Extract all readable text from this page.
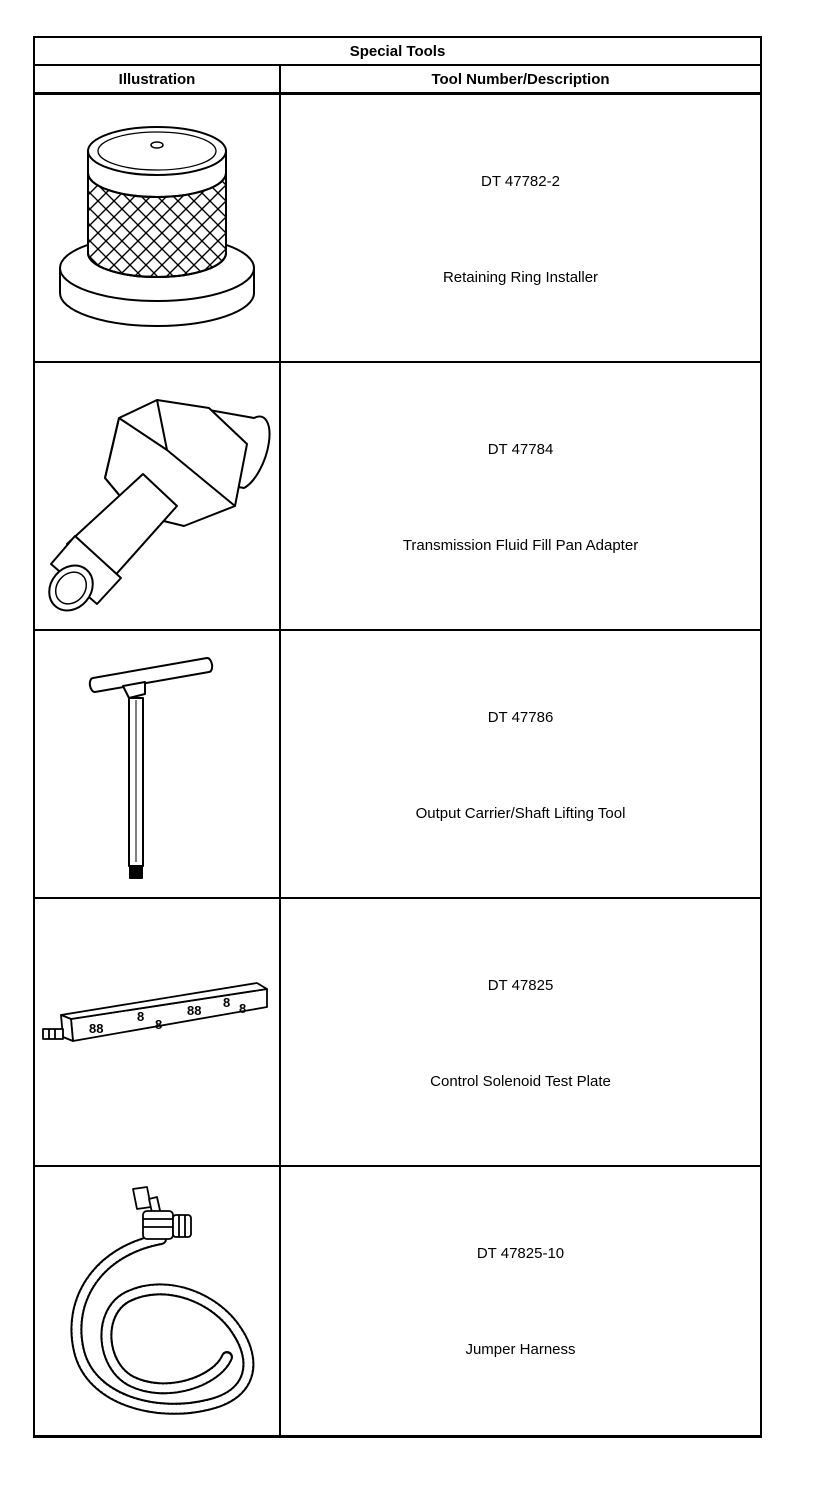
Special Tools
Illustration	Tool Number/Description
DT 47782-2
Retaining Ring Installer
DT 47784
Transmission Fluid Fill Pan Adapter
DT 47786
Output Carrier/Shaft Lifting Tool
88
8
8
88
8 8
DT 47825
Control Solenoid Test Plate
DT 47825-10
Jumper Harness
